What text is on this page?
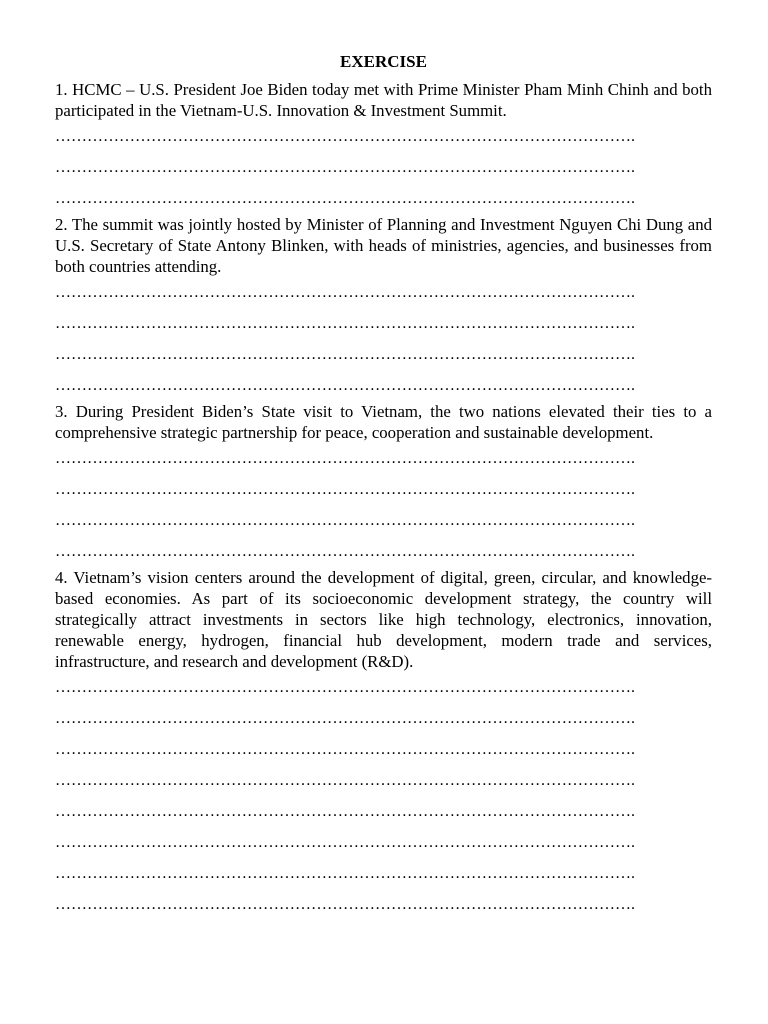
EXERCISE

1. HCMC – U.S. President Joe Biden today met with Prime Minister Pham Minh Chinh and both participated in the Vietnam-U.S. Innovation & Investment Summit.

……………………………………………………………………………………………….
……………………………………………………………………………………………….
……………………………………………………………………………………………….

2. The summit was jointly hosted by Minister of Planning and Investment Nguyen Chi Dung and U.S. Secretary of State Antony Blinken, with heads of ministries, agencies, and businesses from both countries attending.

……………………………………………………………………………………………….
……………………………………………………………………………………………….
……………………………………………………………………………………………….
……………………………………………………………………………………………….

3. During President Biden’s State visit to Vietnam, the two nations elevated their ties to a comprehensive strategic partnership for peace, cooperation and sustainable development.

……………………………………………………………………………………………….
……………………………………………………………………………………………….
……………………………………………………………………………………………….
……………………………………………………………………………………………….

4. Vietnam’s vision centers around the development of digital, green, circular, and knowledge-based economies. As part of its socioeconomic development strategy, the country will strategically attract investments in sectors like high technology, electronics, innovation, renewable energy, hydrogen, financial hub development, modern trade and services, infrastructure, and research and development (R&D).

……………………………………………………………………………………………….
……………………………………………………………………………………………….
……………………………………………………………………………………………….
……………………………………………………………………………………………….
……………………………………………………………………………………………….
……………………………………………………………………………………………….
……………………………………………………………………………………………….
……………………………………………………………………………………………….
